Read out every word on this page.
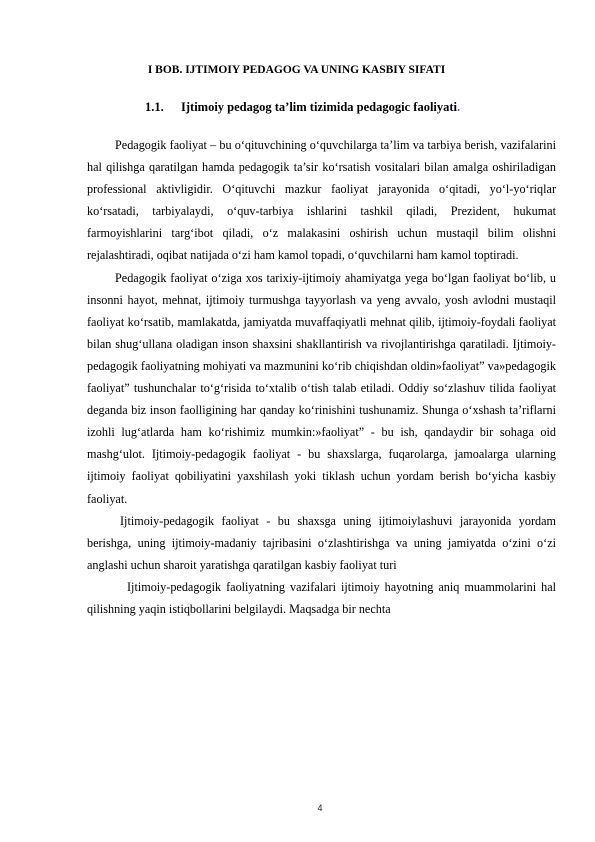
I BOB. IJTIMOIY PEDAGOG VA UNING KASBIY SIFATI
1.1. Ijtimoiy pedagog ta’lim tizimida pedagogic faoliyati.

Pedagogik faoliyat – bu o‘qituvchining o‘quvchilarga ta’lim va tarbiya berish, vazifalarini hal qilishga qaratilgan hamda pedagogik ta’sir ko‘rsatish vositalari bilan amalga oshiriladigan professional aktivligidir. O‘qituvchi mazkur faoliyat jarayonida o‘qitadi, yo‘l-yo‘riqlar ko‘rsatadi, tarbiyalaydi, o‘quv-tarbiya ishlarini tashkil qiladi, Prezident, hukumat farmoyishlarini targ‘ibot qiladi, o‘z malakasini oshirish uchun mustaqil bilim olishni rejalashtiradi, oqibat natijada o‘zi ham kamol topadi, o‘quvchilarni ham kamol toptiradi.

Pedagogik faoliyat o‘ziga xos tarixiy-ijtimoiy ahamiyatga yega bo‘lgan faoliyat bo‘lib, u insonni hayot, mehnat, ijtimoiy turmushga tayyorlash va yeng avvalo, yosh avlodni mustaqil faoliyat ko‘rsatib, mamlakatda, jamiyatda muvaffaqiyatli mehnat qilib, ijtimoiy-foydali faoliyat bilan shug‘ullana oladigan inson shaxsini shakllantirish va rivojlantirishga qaratiladi. Ijtimoiy-pedagogik faoliyatning mohiyati va mazmunini ko‘rib chiqishdan oldin»faoliyat” va»pedagogik faoliyat” tushunchalar to‘g‘risida to‘xtalib o‘tish talab etiladi. Oddiy so‘zlashuv tilida faoliyat deganda biz inson faolligining har qanday ko‘rinishini tushunamiz. Shunga o‘xshash ta’riflarni izohli lug‘atlarda ham ko‘rishimiz mumkin:»faoliyat” - bu ish, qandaydir bir sohaga oid mashg‘ulot. Ijtimoiy-pedagogik faoliyat - bu shaxslarga, fuqarolarga, jamoalarga ularning ijtimoiy faoliyat qobiliyatini yaxshilash yoki tiklash uchun yordam berish bo‘yicha kasbiy faoliyat.

Ijtimoiy-pedagogik faoliyat - bu shaxsga uning ijtimoiylashuvi jarayonida yordam berishga, uning ijtimoiy-madaniy tajribasini o‘zlashtirishga va uning jamiyatda o‘zini o‘zi anglashi uchun sharoit yaratishga qaratilgan kasbiy faoliyat turi

Ijtimoiy-pedagogik faoliyatning vazifalari ijtimoiy hayotning aniq muammolarini hal qilishning yaqin istiqbollarini belgilaydi. Maqsadga bir nechta

4
